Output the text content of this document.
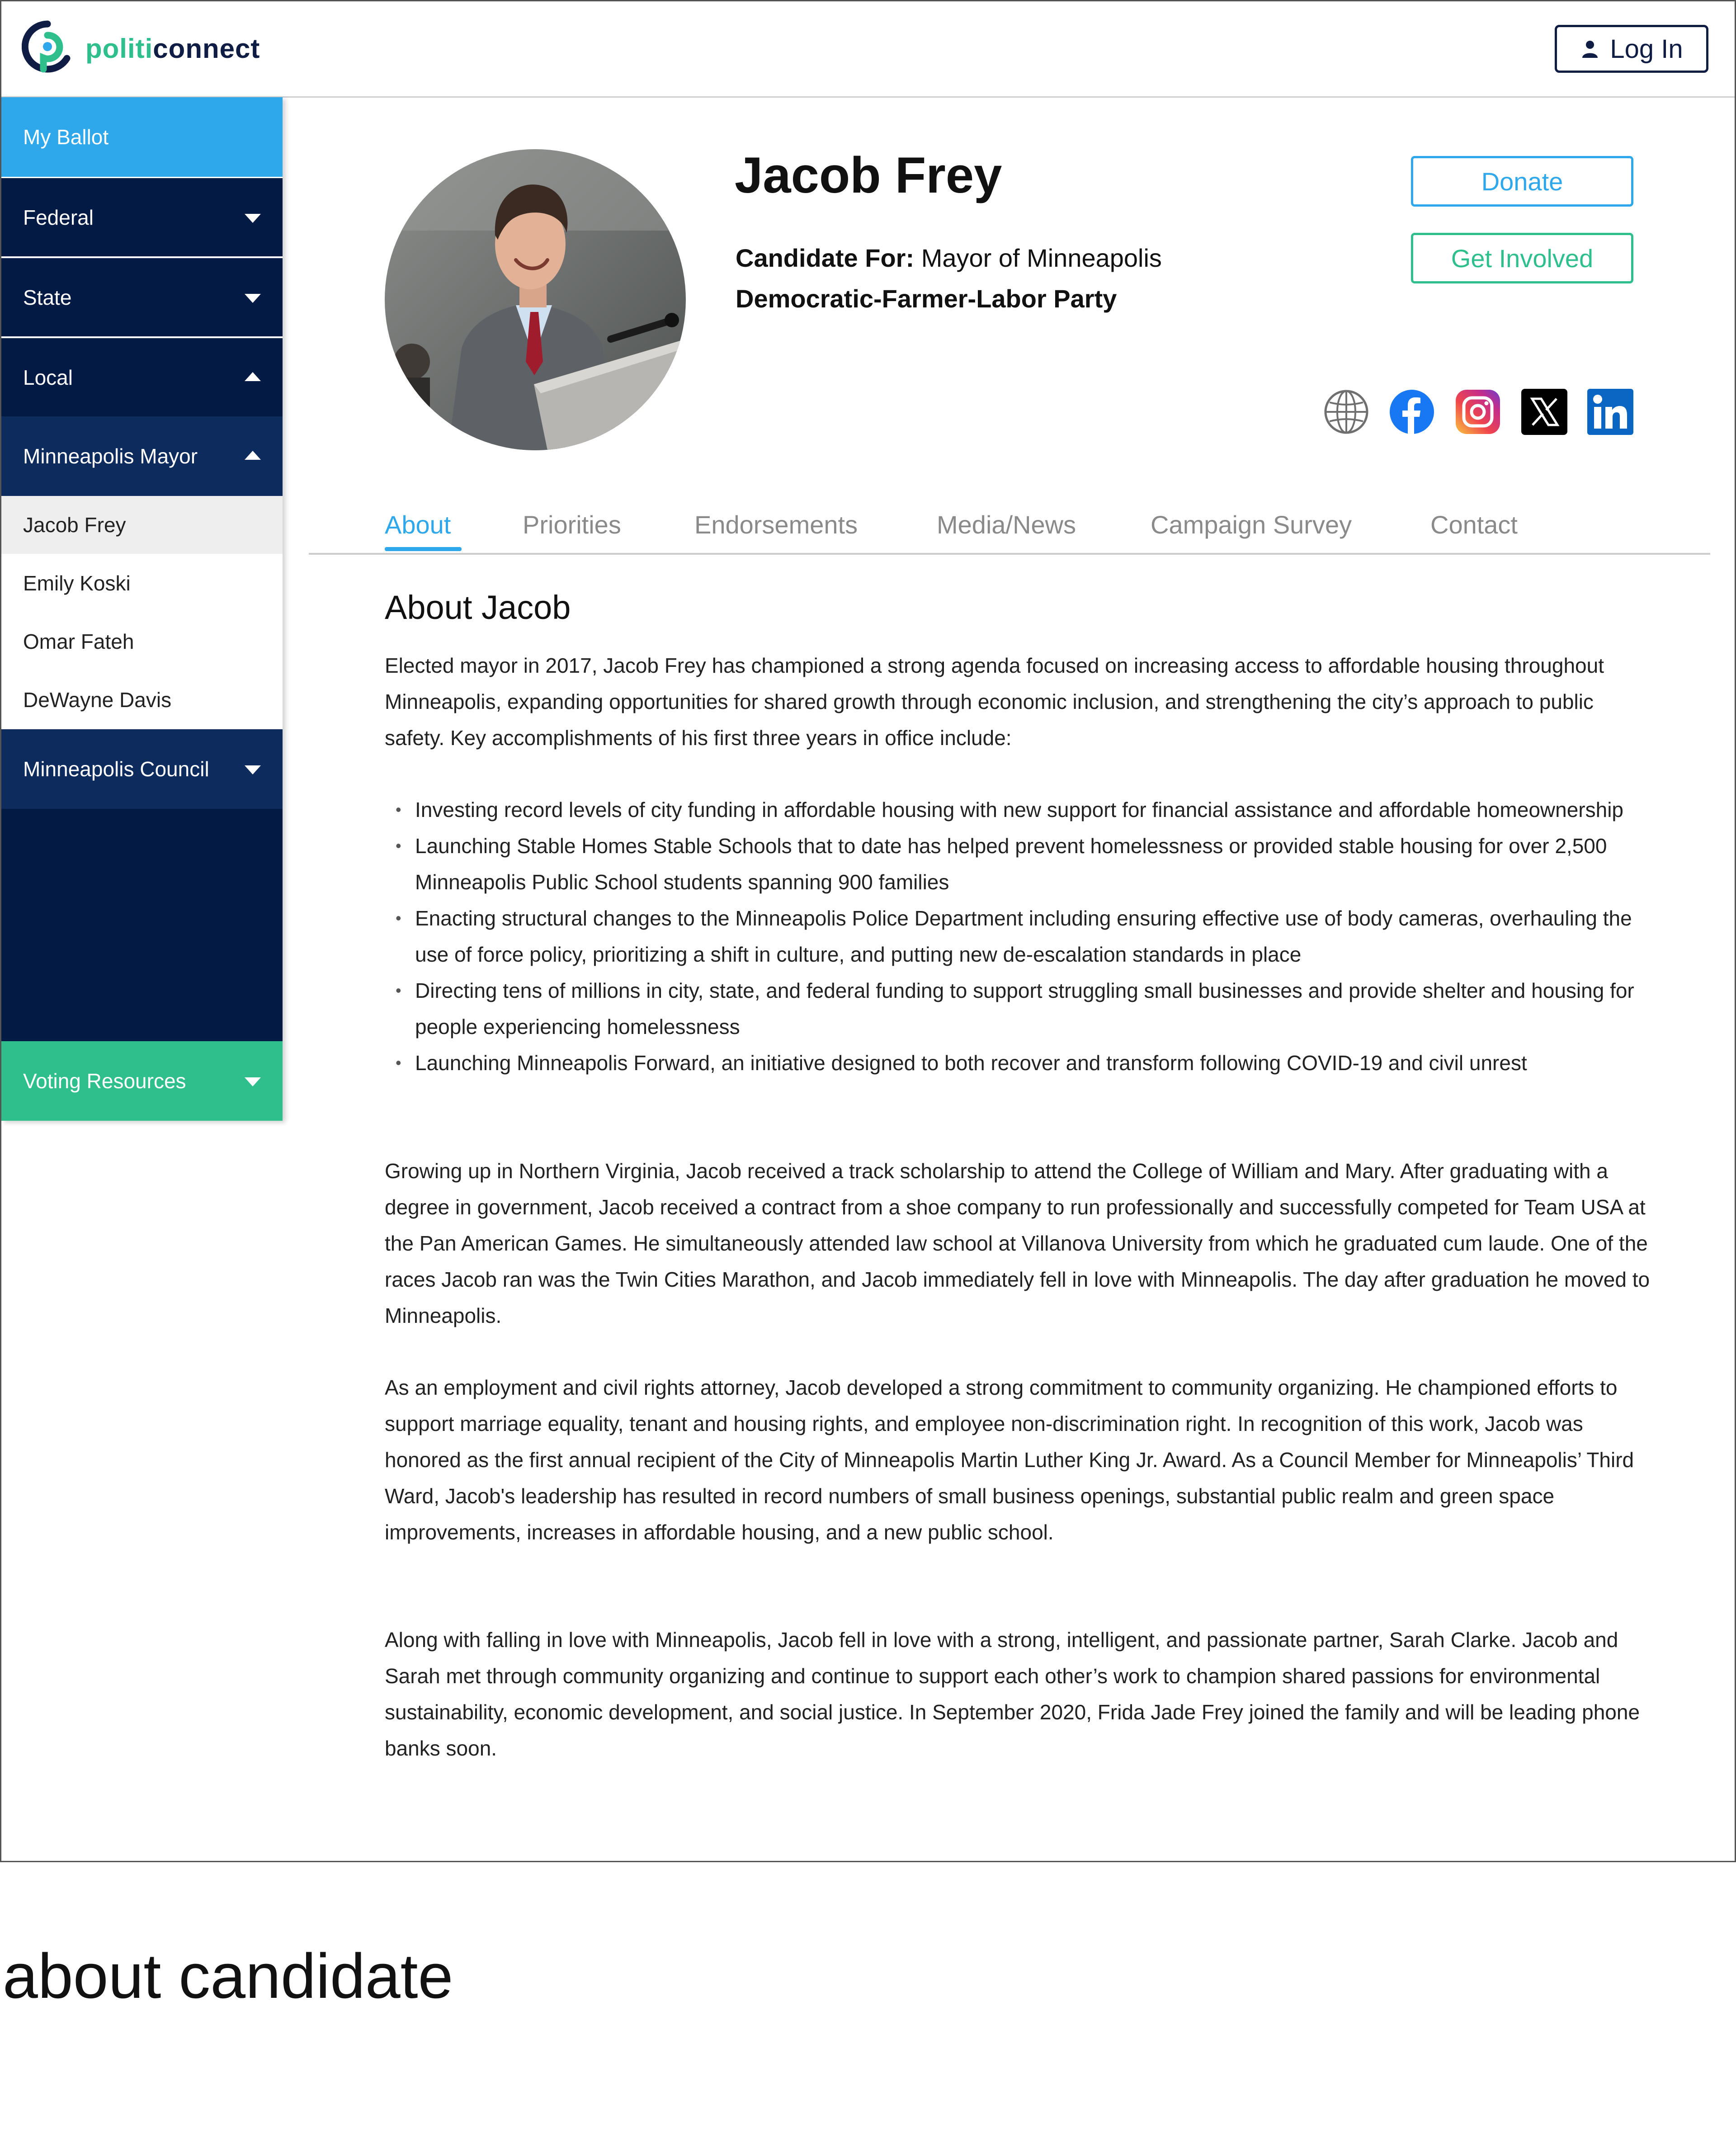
politiconnect	Log In
My Ballot
Federal
State
Local
Minneapolis Mayor
Jacob Frey
Emily Koski
Omar Fateh
DeWayne Davis
Minneapolis Council
Voting Resources
Jacob Frey
Candidate For: Mayor of Minneapolis
Democratic-Farmer-Labor Party
Donate
Get Involved
About	Priorities	Endorsements	Media/News	Campaign Survey	Contact
About Jacob

Elected mayor in 2017, Jacob Frey has championed a strong agenda focused on increasing access to affordable housing throughout Minneapolis, expanding opportunities for shared growth through economic inclusion, and strengthening the city’s approach to public safety. Key accomplishments of his first three years in office include:

• Investing record levels of city funding in affordable housing with new support for financial assistance and affordable homeownership
• Launching Stable Homes Stable Schools that to date has helped prevent homelessness or provided stable housing for over 2,500 Minneapolis Public School students spanning 900 families
• Enacting structural changes to the Minneapolis Police Department including ensuring effective use of body cameras, overhauling the use of force policy, prioritizing a shift in culture, and putting new de-escalation standards in place
• Directing tens of millions in city, state, and federal funding to support struggling small businesses and provide shelter and housing for people experiencing homelessness
• Launching Minneapolis Forward, an initiative designed to both recover and transform following COVID-19 and civil unrest

Growing up in Northern Virginia, Jacob received a track scholarship to attend the College of William and Mary. After graduating with a degree in government, Jacob received a contract from a shoe company to run professionally and successfully competed for Team USA at the Pan American Games. He simultaneously attended law school at Villanova University from which he graduated cum laude. One of the races Jacob ran was the Twin Cities Marathon, and Jacob immediately fell in love with Minneapolis. The day after graduation he moved to Minneapolis.

As an employment and civil rights attorney, Jacob developed a strong commitment to community organizing. He championed efforts to support marriage equality, tenant and housing rights, and employee non-discrimination right. In recognition of this work, Jacob was honored as the first annual recipient of the City of Minneapolis Martin Luther King Jr. Award. As a Council Member for Minneapolis’ Third Ward, Jacob's leadership has resulted in record numbers of small business openings, substantial public realm and green space improvements, increases in affordable housing, and a new public school.

Along with falling in love with Minneapolis, Jacob fell in love with a strong, intelligent, and passionate partner, Sarah Clarke. Jacob and Sarah met through community organizing and continue to support each other’s work to champion shared passions for environmental sustainability, economic development, and social justice. In September 2020, Frida Jade Frey joined the family and will be leading phone banks soon.

about candidate
